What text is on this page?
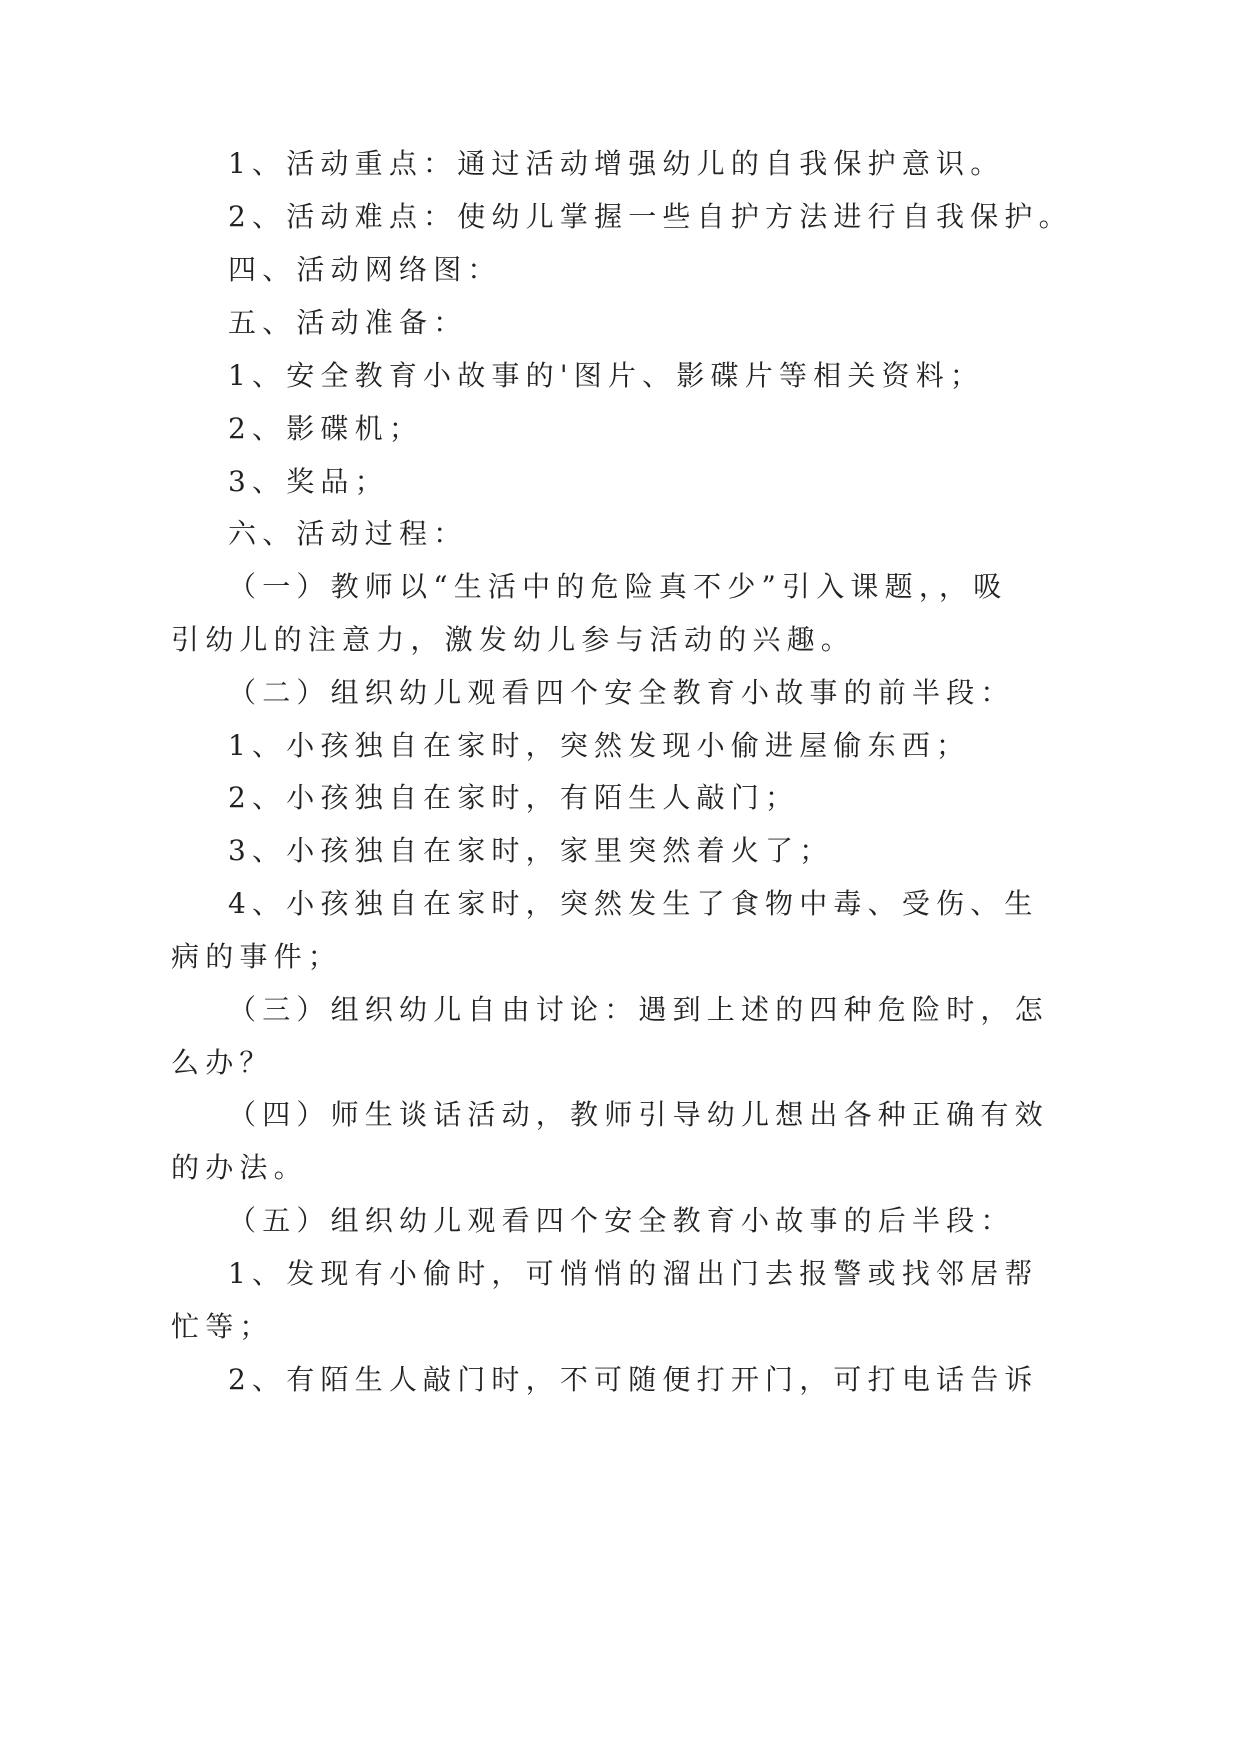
1、活动重点：通过活动增强幼儿的自我保护意识。
2、活动难点：使幼儿掌握一些自护方法进行自我保护。
四、活动网络图：
五、活动准备：
1、安全教育小故事的'图片、影碟片等相关资料；
2、影碟机；
3、奖品；
六、活动过程：
（一）教师以“生活中的危险真不少”引入课题，，吸
引幼儿的注意力，激发幼儿参与活动的兴趣。
（二）组织幼儿观看四个安全教育小故事的前半段：
1、小孩独自在家时，突然发现小偷进屋偷东西；
2、小孩独自在家时，有陌生人敲门；
3、小孩独自在家时，家里突然着火了；
4、小孩独自在家时，突然发生了食物中毒、受伤、生
病的事件；
（三）组织幼儿自由讨论：遇到上述的四种危险时，怎
么办？
（四）师生谈话活动，教师引导幼儿想出各种正确有效
的办法。
（五）组织幼儿观看四个安全教育小故事的后半段：
1、发现有小偷时，可悄悄的溜出门去报警或找邻居帮
忙等；
2、有陌生人敲门时，不可随便打开门，可打电话告诉
